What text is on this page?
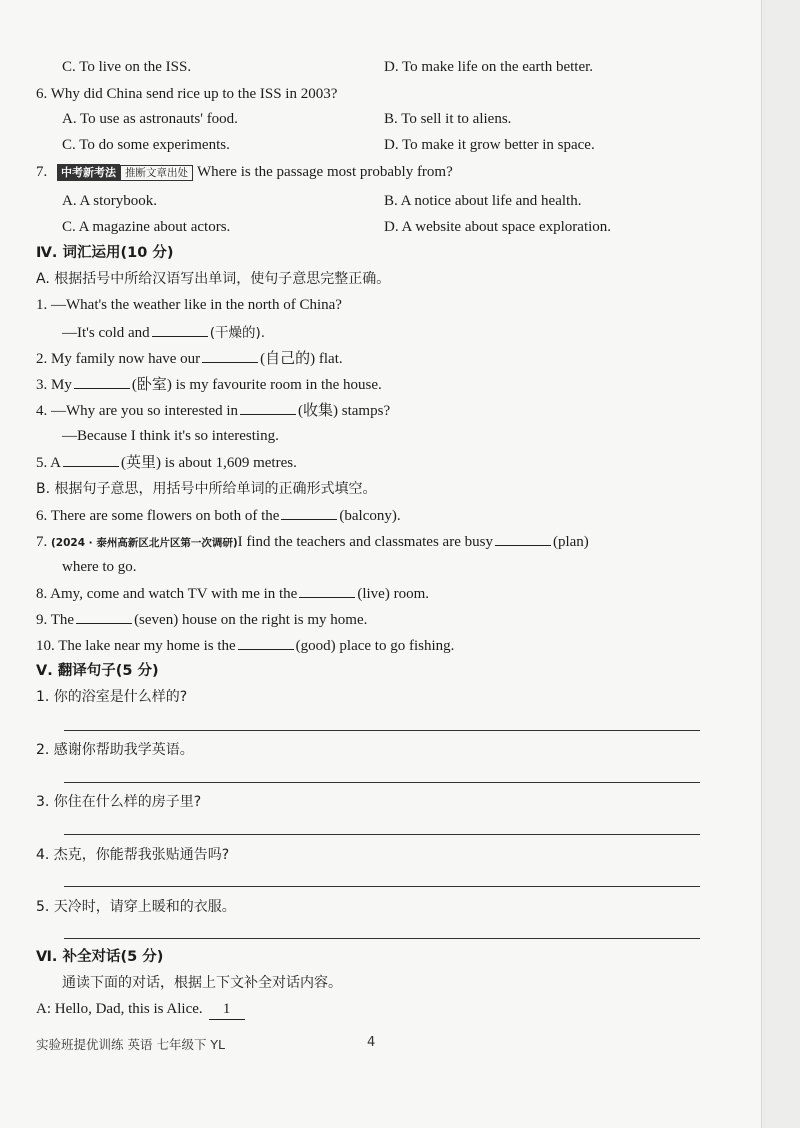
C. To live on the ISS.	D. To make life on the earth better.
6. Why did China send rice up to the ISS in 2003?
A. To use as astronauts' food.	B. To sell it to aliens.
C. To do some experiments.	D. To make it grow better in space.
7. 中考新考法 推断文章出处 Where is the passage most probably from?
A. A storybook.	B. A notice about life and health.
C. A magazine about actors.	D. A website about space exploration.
Ⅳ. 词汇运用(10 分)
A. 根据括号中所给汉语写出单词，使句子意思完整正确。
1. —What's the weather like in the north of China?
—It's cold and	(干燥的).
2. My family now have our	(自己的) flat.
3. My	(卧室) is my favourite room in the house.
4. —Why are you so interested in	(收集) stamps?
—Because I think it's so interesting.
5. A	(英里) is about 1,609 metres.
B. 根据句子意思，用括号中所给单词的正确形式填空。
6. There are some flowers on both of the	(balcony).
7. (2024 · 泰州高新区北片区第一次调研)I find the teachers and classmates are busy	(plan)
where to go.
8. Amy, come and watch TV with me in the	(live) room.
9. The	(seven) house on the right is my home.
10. The lake near my home is the	(good) place to go fishing.
Ⅴ. 翻译句子(5 分)
1. 你的浴室是什么样的?
2. 感谢你帮助我学英语。
3. 你住在什么样的房子里?
4. 杰克，你能帮我张贴通告吗?
5. 天冷时，请穿上暖和的衣服。
Ⅵ. 补全对话(5 分)
通读下面的对话，根据上下文补全对话内容。
A: Hello, Dad, this is Alice. 1
实验班提优训练 英语 七年级下 YL	4
